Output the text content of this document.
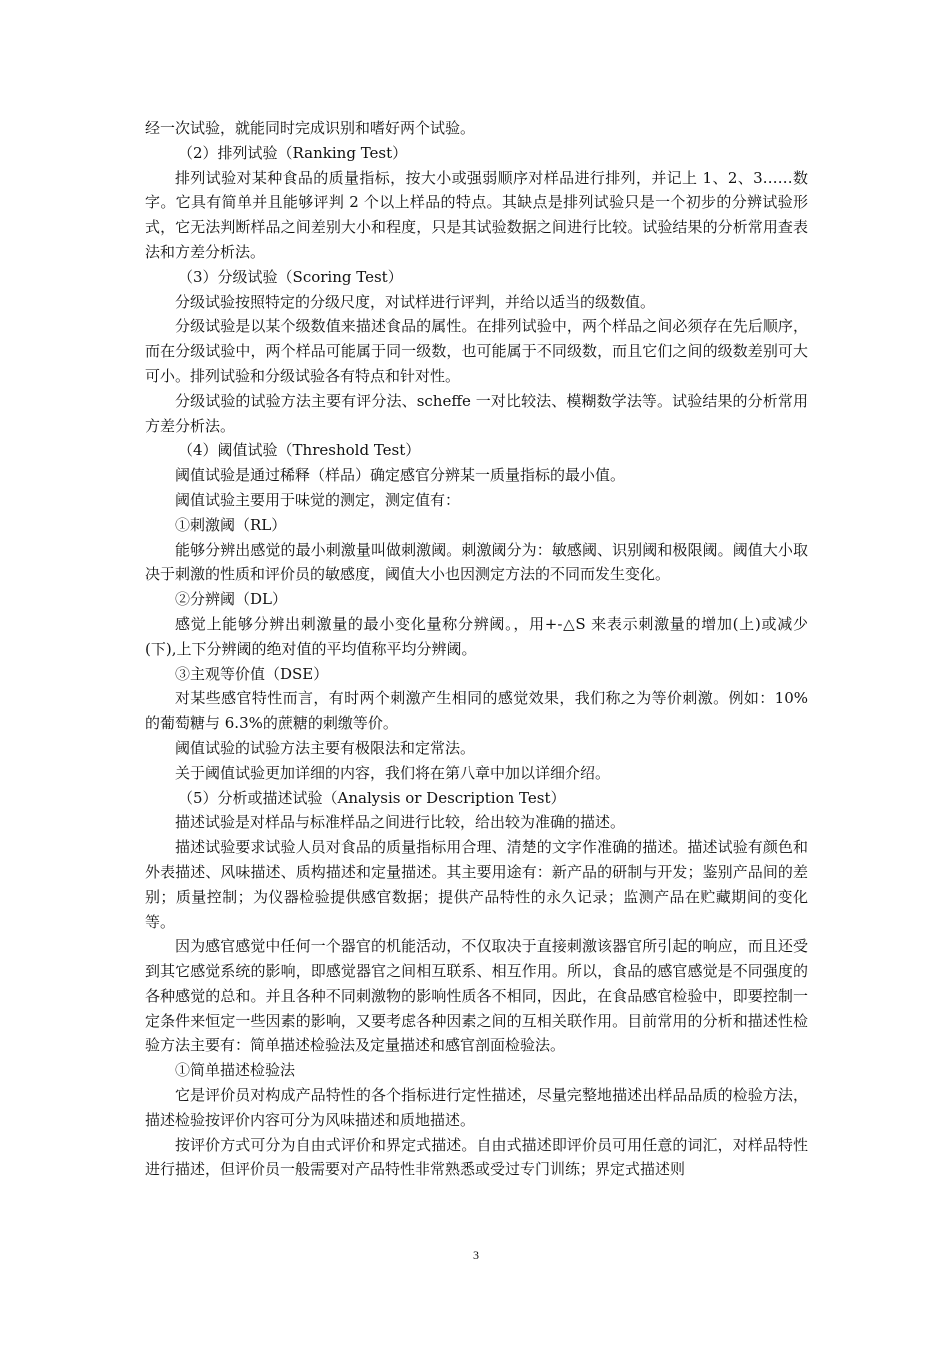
经一次试验，就能同时完成识别和嗜好两个试验。

（2）排列试验（Ranking Test）

排列试验对某种食品的质量指标，按大小或强弱顺序对样品进行排列，并记上 1、2、3……数字。它具有简单并且能够评判 2 个以上样品的特点。其缺点是排列试验只是一个初步的分辨试验形式，它无法判断样品之间差别大小和程度，只是其试验数据之间进行比较。试验结果的分析常用查表法和方差分析法。

（3）分级试验（Scoring Test）

分级试验按照特定的分级尺度，对试样进行评判，并给以适当的级数值。

分级试验是以某个级数值来描述食品的属性。在排列试验中，两个样品之间必须存在先后顺序，而在分级试验中，两个样品可能属于同一级数，也可能属于不同级数，而且它们之间的级数差别可大可小。排列试验和分级试验各有特点和针对性。

分级试验的试验方法主要有评分法、scheffe 一对比较法、模糊数学法等。试验结果的分析常用方差分析法。

（4）阈值试验（Threshold Test）

阈值试验是通过稀释（样品）确定感官分辨某一质量指标的最小值。

阈值试验主要用于味觉的测定，测定值有：

①刺激阈（RL）

能够分辨出感觉的最小刺激量叫做刺激阈。刺激阈分为：敏感阈、识别阈和极限阈。阈值大小取决于刺激的性质和评价员的敏感度，阈值大小也因测定方法的不同而发生变化。

②分辨阈（DL）

感觉上能够分辨出刺激量的最小变化量称分辨阈。，用+-△S 来表示刺激量的增加(上)或减少(下),上下分辨阈的绝对值的平均值称平均分辨阈。

③主观等价值（DSE）

对某些感官特性而言，有时两个刺激产生相同的感觉效果，我们称之为等价刺激。例如：10%的葡萄糖与 6.3%的蔗糖的刺缴等价。

阈值试验的试验方法主要有极限法和定常法。

关于阈值试验更加详细的内容，我们将在第八章中加以详细介绍。

（5）分析或描述试验（Analysis or Description Test）

描述试验是对样品与标准样品之间进行比较，给出较为准确的描述。

描述试验要求试验人员对食品的质量指标用合理、清楚的文字作准确的描述。描述试验有颜色和外表描述、风味描述、质构描述和定量描述。其主要用途有：新产品的研制与开发；鉴别产品间的差别；质量控制；为仪器检验提供感官数据；提供产品特性的永久记录；监测产品在贮藏期间的变化等。

因为感官感觉中任何一个器官的机能活动，不仅取决于直接刺激该器官所引起的响应，而且还受到其它感觉系统的影响，即感觉器官之间相互联系、相互作用。所以，食品的感官感觉是不同强度的各种感觉的总和。并且各种不同刺激物的影响性质各不相同，因此，在食品感官检验中，即要控制一定条件来恒定一些因素的影响，又要考虑各种因素之间的互相关联作用。目前常用的分析和描述性检验方法主要有：简单描述检验法及定量描述和感官剖面检验法。

①简单描述检验法

它是评价员对构成产品特性的各个指标进行定性描述，尽量完整地描述出样品品质的检验方法，描述检验按评价内容可分为风味描述和质地描述。

按评价方式可分为自由式评价和界定式描述。自由式描述即评价员可用任意的词汇，对样品特性进行描述，但评价员一般需要对产品特性非常熟悉或受过专门训练；界定式描述则

3
